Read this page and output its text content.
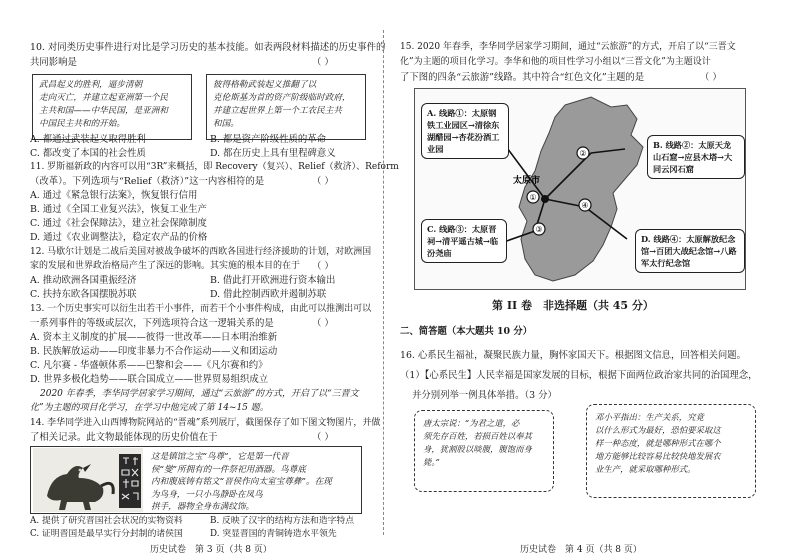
10. 对同类历史事件进行对比是学习历史的基本技能。如表两段材料描述的历史事件的
共同影响是	（ ）
武昌起义的胜利，逼步清朝
走向灭亡，并建立起亚洲第一个民
主共和国——中华民国，是亚洲和
中国民主共和的开始。
彼得格勒武装起义推翻了以
克伦斯基为首的资产阶级临时政府，
并建立起世界上第一个工农民主共
和国。
A. 都通过武装起义取得胜利	B. 都是资产阶级性质的革命
C. 都改变了本国的社会性质	D. 都在历史上具有里程碑意义
11. 罗斯福新政的内容可以用“3R”来概括，即 Recovery（复兴）、Relief（救济）、Reform
（改革）。下列选项与“Relief（救济）”这一内容相符的是	（ ）
A. 通过《紧急银行法案》，恢复银行信用
B. 通过《全国工业复兴法》，恢复工业生产
C. 通过《社会保障法》，建立社会保障制度
D. 通过《农业调整法》，稳定农产品的价格
12. 马歇尔计划是二战后美国对被战争破坏的西欧各国进行经济援助的计划，对欧洲国
家的发展和世界政治格局产生了深远的影响。其实施的根本目的在于 （ ）
A. 推动欧洲各国重振经济	B. 借此打开欧洲进行资本输出
C. 扶持东欧各国摆脱苏联	D. 借此控制西欧并遏制苏联
13. 一个历史事实可以衍生出若干小事件，而若干个小事件构成，由此可以推测出可以
一系列事件的等级或层次，下列选项符合这一逻辑关系的是	（ ）
A. 资本主义制度的扩展——彼得一世改革——日本明治维新
B. 民族解放运动——印度非暴力不合作运动——义和团运动
C. 凡尔赛 - 华盛顿体系——巴黎和会——《凡尔赛和约》
D. 世界多极化趋势——联合国成立——世界贸易组织成立
2020 年春季，李华同学居家学习期间，通过“云旅游”的方式，开启了以“三晋文
化”为主题的项目化学习，在学习中他完成了第 14~15 题。
14. 李华同学进入山西博物院网站的“晋魂”系列展厅，截图保存了如下图文物图片，并做
了相关记录。此文物最能体现的历史价值在于	（ ）
这是镇馆之宝“鸟尊”，它是第一代晋
侯“燮”所拥有的一件祭祀用酒器。鸟尊底
内和腹底铸有铭文“晋侯作向太室宝尊彝”。在现
为鸟身，一只小鸟静卧在凤鸟
拱手，器物全身布满纹饰。
A. 提供了研究晋国社会状况的实物资料	B. 反映了汉字的结构方法和造字特点
C. 证明晋国是最早实行分封制的诸侯国	D. 突显晋国的青铜铸造水平领先
历史试卷　第 3 页（共 8 页）
15. 2020 年春季，李华同学居家学习期间，通过“云旅游”的方式，开启了以“三晋文
化”为主题的项目化学习。李华和他的项目性学习小组以“三晋文化”为主题设计
了下图的四条“云旅游”线路。其中符合“红色文化”主题的是	（ ）
①
②
③
④
太原市
A. 线路①：太原钢铁工业园区→清徐东湖醋园→杏花汾酒工业园	B. 线路②：太原天龙山石窟→应县木塔→大同云冈石窟
C. 线路③：太原晋祠→清平遥古城→临汾尧庙
D. 线路④：太原解放纪念馆→百团大战纪念馆→八路军太行纪念馆
第 II 卷　非选择题（共 45 分）
二、简答题（本大题共 10 分）
16. 心系民生福祉，凝聚民族力量，胸怀家国天下。根据图文信息，回答相关问题。
（1）【心系民生】人民幸福是国家发展的目标，根据下面两位政治家共同的治国理念，
并分别列举一例具体举措。（3 分）
唐太宗说：“为君之道，必
须先存百姓，若损百姓以奉其
身，犹割股以啖腹，腹饱而身
毙。”
邓小平指出：生产关系，究竟
以什么形式为最好，恐怕要采取这
样一种态度，就是哪种形式在哪个
地方能够比较容易比较快地发展农
业生产，就采取哪种形式。
历史试卷　第 4 页（共 8 页）
